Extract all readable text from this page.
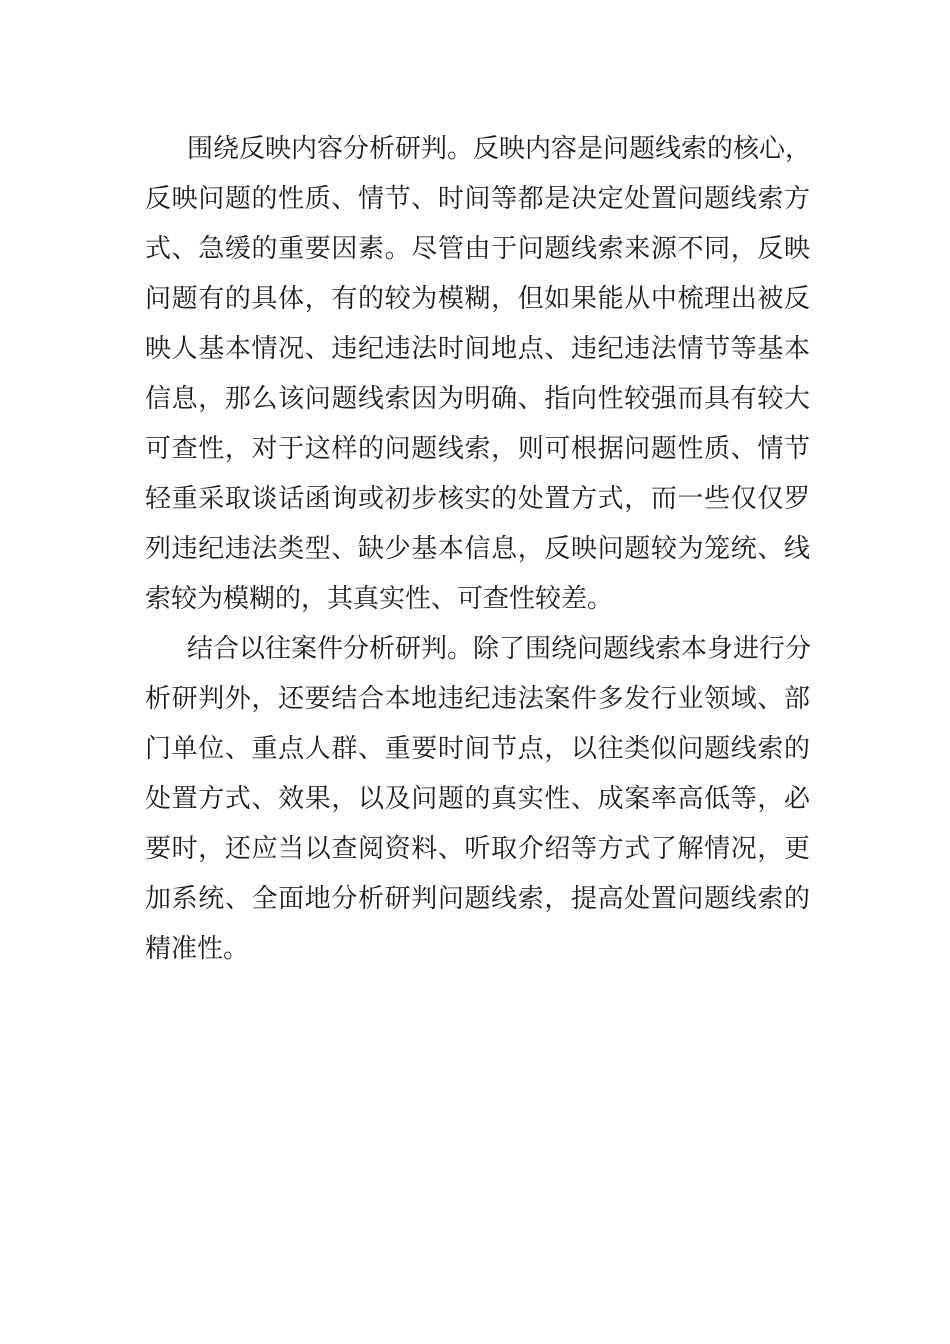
围绕反映内容分析研判。反映内容是问题线索的核心，
反映问题的性质、情节、时间等都是决定处置问题线索方
式、急缓的重要因素。尽管由于问题线索来源不同，反映
问题有的具体，有的较为模糊，但如果能从中梳理出被反
映人基本情况、违纪违法时间地点、违纪违法情节等基本
信息，那么该问题线索因为明确、指向性较强而具有较大
可查性，对于这样的问题线索，则可根据问题性质、情节
轻重采取谈话函询或初步核实的处置方式，而一些仅仅罗
列违纪违法类型、缺少基本信息，反映问题较为笼统、线
索较为模糊的，其真实性、可查性较差。
结合以往案件分析研判。除了围绕问题线索本身进行分
析研判外，还要结合本地违纪违法案件多发行业领域、部
门单位、重点人群、重要时间节点，以往类似问题线索的
处置方式、效果，以及问题的真实性、成案率高低等，必
要时，还应当以查阅资料、听取介绍等方式了解情况，更
加系统、全面地分析研判问题线索，提高处置问题线索的
精准性。
